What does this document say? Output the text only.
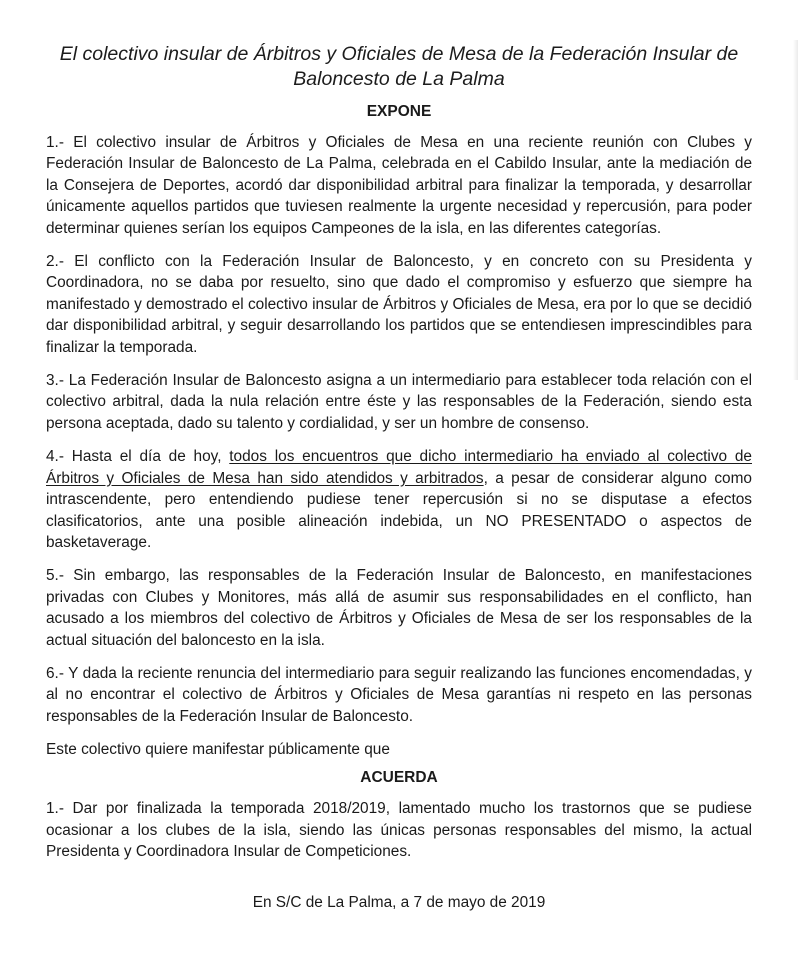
El colectivo insular de Árbitros y Oficiales de Mesa de la Federación Insular de Baloncesto de La Palma

EXPONE

1.- El colectivo insular de Árbitros y Oficiales de Mesa en una reciente reunión con Clubes y Federación Insular de Baloncesto de La Palma, celebrada en el Cabildo Insular, ante la mediación de la Consejera de Deportes, acordó dar disponibilidad arbitral para finalizar la temporada, y desarrollar únicamente aquellos partidos que tuviesen realmente la urgente necesidad y repercusión, para poder determinar quienes serían los equipos Campeones de la isla, en las diferentes categorías.

2.- El conflicto con la Federación Insular de Baloncesto, y en concreto con su Presidenta y Coordinadora, no se daba por resuelto, sino que dado el compromiso y esfuerzo que siempre ha manifestado y demostrado el colectivo insular de Árbitros y Oficiales de Mesa, era por lo que se decidió dar disponibilidad arbitral, y seguir desarrollando los partidos que se entendiesen imprescindibles para finalizar la temporada.

3.- La Federación Insular de Baloncesto asigna a un intermediario para establecer toda relación con el colectivo arbitral, dada la nula relación entre éste y las responsables de la Federación, siendo esta persona aceptada, dado su talento y cordialidad, y ser un hombre de consenso.

4.- Hasta el día de hoy, todos los encuentros que dicho intermediario ha enviado al colectivo de Árbitros y Oficiales de Mesa han sido atendidos y arbitrados, a pesar de considerar alguno como intrascendente, pero entendiendo pudiese tener repercusión si no se disputase a efectos clasificatorios, ante una posible alineación indebida, un NO PRESENTADO o aspectos de basketaverage.

5.- Sin embargo, las responsables de la Federación Insular de Baloncesto, en manifestaciones privadas con Clubes y Monitores, más allá de asumir sus responsabilidades en el conflicto, han acusado a los miembros del colectivo de Árbitros y Oficiales de Mesa de ser los responsables de la actual situación del baloncesto en la isla.

6.- Y dada la reciente renuncia del intermediario para seguir realizando las funciones encomendadas, y al no encontrar el colectivo de Árbitros y Oficiales de Mesa garantías ni respeto en las personas responsables de la Federación Insular de Baloncesto.

Este colectivo quiere manifestar públicamente que

ACUERDA

1.- Dar por finalizada la temporada 2018/2019, lamentado mucho los trastornos que se pudiese ocasionar a los clubes de la isla, siendo las únicas personas responsables del mismo, la actual Presidenta y Coordinadora Insular de Competiciones.

En S/C de La Palma, a 7 de mayo de 2019
